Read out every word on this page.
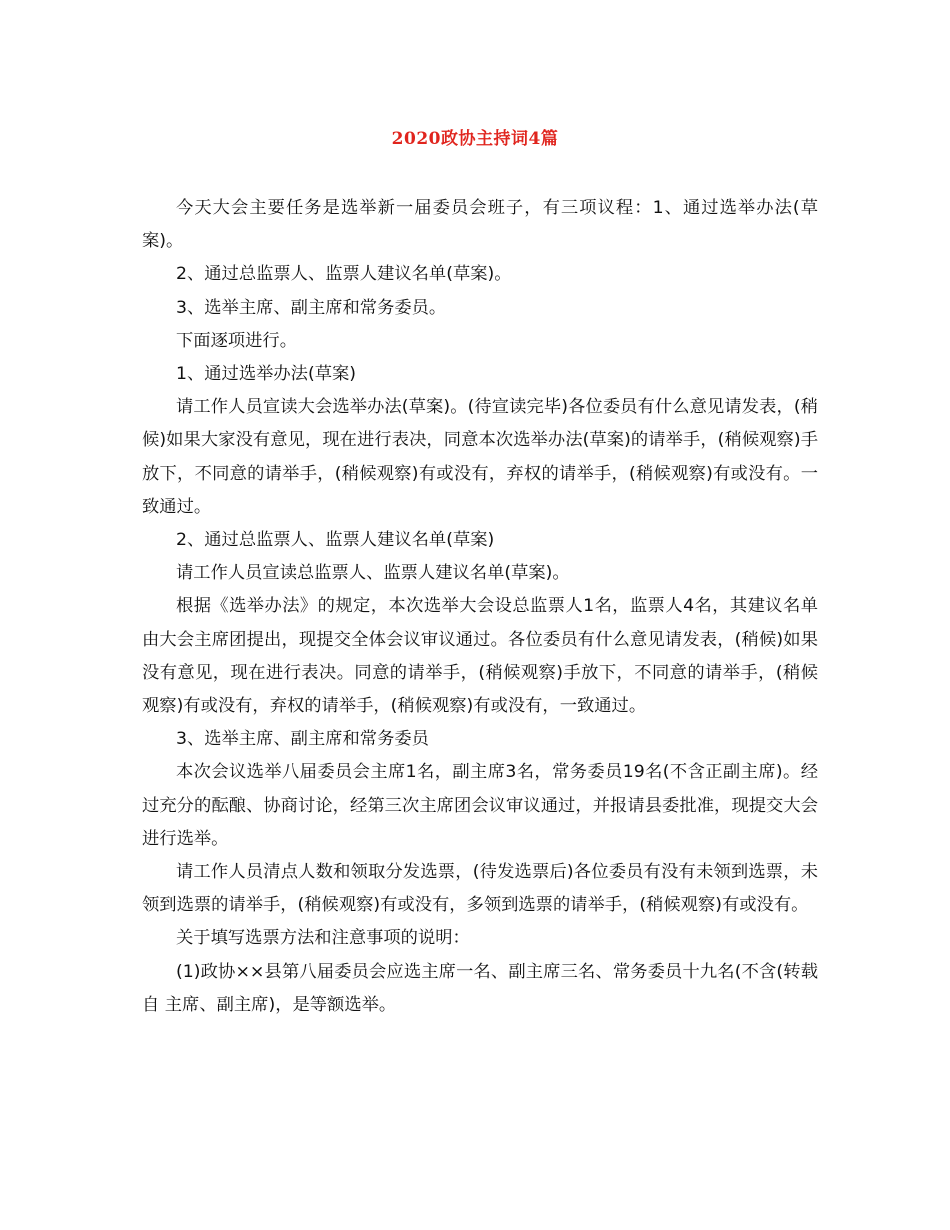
2020政协主持词4篇

今天大会主要任务是选举新一届委员会班子，有三项议程：1、通过选举办法(草案)。

2、通过总监票人、监票人建议名单(草案)。

3、选举主席、副主席和常务委员。

下面逐项进行。

1、通过选举办法(草案)

请工作人员宣读大会选举办法(草案)。(待宣读完毕)各位委员有什么意见请发表，(稍候)如果大家没有意见，现在进行表决，同意本次选举办法(草案)的请举手，(稍候观察)手放下，不同意的请举手，(稍候观察)有或没有，弃权的请举手，(稍候观察)有或没有。一致通过。

2、通过总监票人、监票人建议名单(草案)

请工作人员宣读总监票人、监票人建议名单(草案)。

根据《选举办法》的规定，本次选举大会设总监票人1名，监票人4名，其建议名单由大会主席团提出，现提交全体会议审议通过。各位委员有什么意见请发表，(稍候)如果没有意见，现在进行表决。同意的请举手，(稍候观察)手放下，不同意的请举手，(稍候观察)有或没有，弃权的请举手，(稍候观察)有或没有，一致通过。

3、选举主席、副主席和常务委员

本次会议选举八届委员会主席1名，副主席3名，常务委员19名(不含正副主席)。经过充分的酝酿、协商讨论，经第三次主席团会议审议通过，并报请县委批准，现提交大会进行选举。

请工作人员清点人数和领取分发选票，(待发选票后)各位委员有没有未领到选票，未领到选票的请举手，(稍候观察)有或没有，多领到选票的请举手，(稍候观察)有或没有。

关于填写选票方法和注意事项的说明：

(1)政协××县第八届委员会应选主席一名、副主席三名、常务委员十九名(不含(转载自 主席、副主席)，是等额选举。
